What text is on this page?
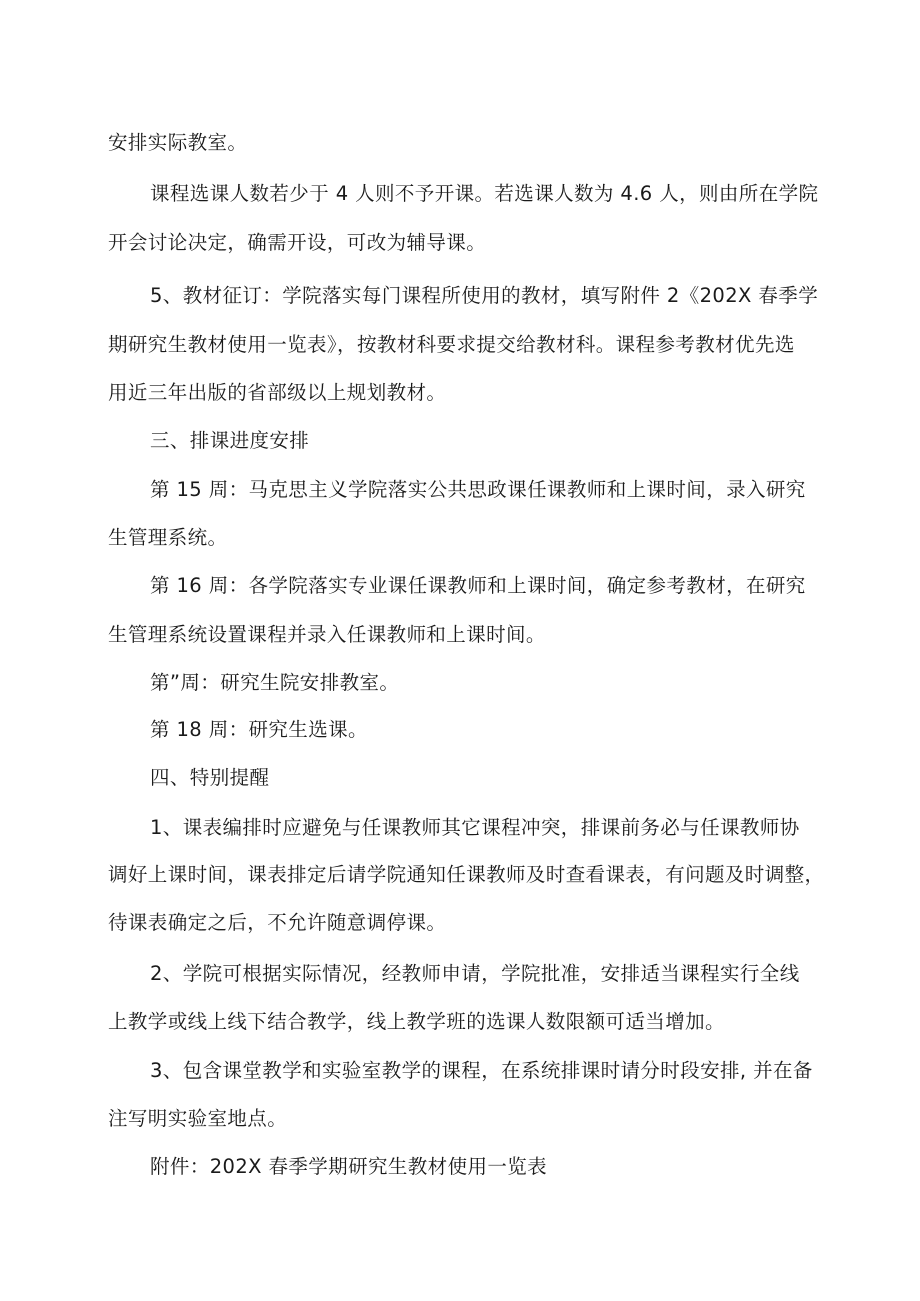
安排实际教室。

课程选课人数若少于 4 人则不予开课。若选课人数为 4.6 人，则由所在学院

开会讨论决定，确需开设，可改为辅导课。

5、教材征订：学院落实每门课程所使用的教材，填写附件 2《202X 春季学

期研究生教材使用一览表》，按教材科要求提交给教材科。课程参考教材优先选

用近三年出版的省部级以上规划教材。

三、排课进度安排

第 15 周：马克思主义学院落实公共思政课任课教师和上课时间，录入研究

生管理系统。

第 16 周：各学院落实专业课任课教师和上课时间，确定参考教材，在研究

生管理系统设置课程并录入任课教师和上课时间。

第”周：研究生院安排教室。

第 18 周：研究生选课。

四、特别提醒

1、课表编排时应避免与任课教师其它课程冲突，排课前务必与任课教师协

调好上课时间，课表排定后请学院通知任课教师及时查看课表，有问题及时调整，

待课表确定之后，不允许随意调停课。

2、学院可根据实际情况，经教师申请，学院批准，安排适当课程实行全线

上教学或线上线下结合教学，线上教学班的选课人数限额可适当增加。

3、包含课堂教学和实验室教学的课程，在系统排课时请分时段安排, 并在备

注写明实验室地点。

附件：202X 春季学期研究生教材使用一览表
